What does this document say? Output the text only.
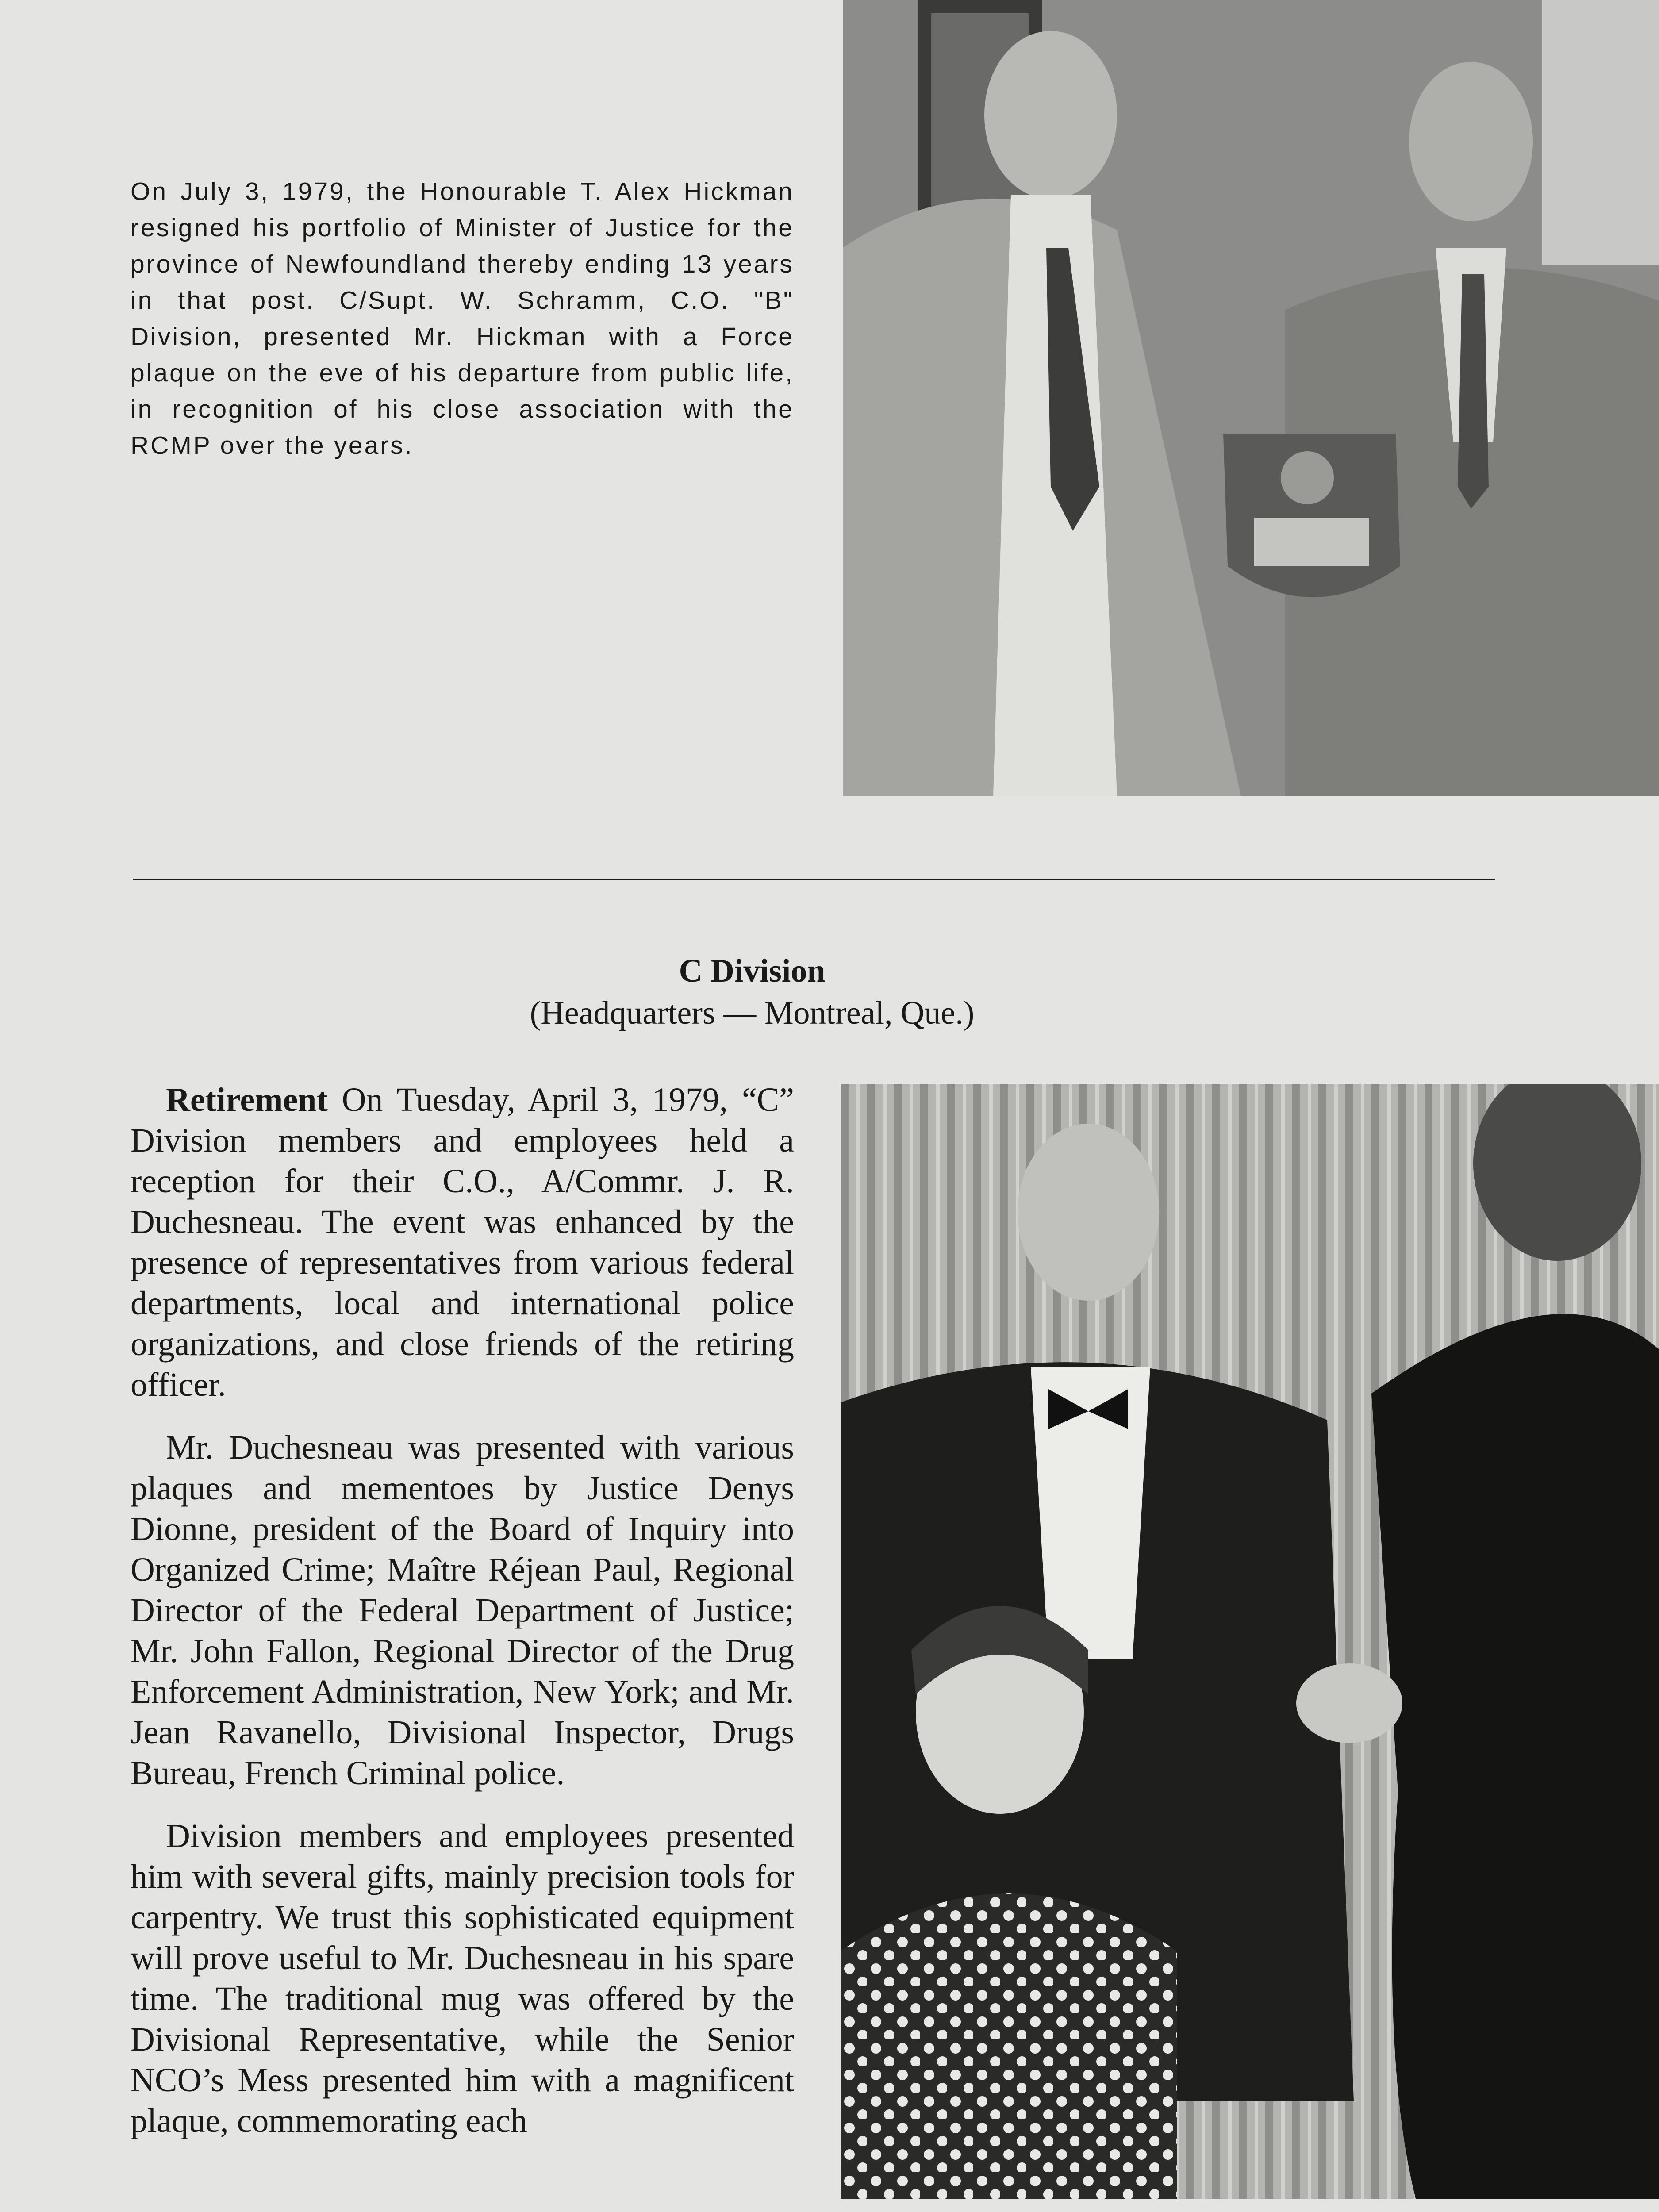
On July 3, 1979, the Honourable T. Alex Hickman resigned his portfolio of Minister of Justice for the province of Newfoundland thereby ending 13 years in that post. C/Supt. W. Schramm, C.O. "B" Division, presented Mr. Hickman with a Force plaque on the eve of his departure from public life, in recognition of his close association with the RCMP over the years.
C Division
(Headquarters — Montreal, Que.)

Retirement On Tuesday, April 3, 1979, “C” Division members and employees held a reception for their C.O., A/Commr. J. R. Duchesneau. The event was enhanced by the presence of representatives from various federal departments, local and international police organizations, and close friends of the retiring officer.

Mr. Duchesneau was presented with various plaques and mementoes by Justice Denys Dionne, president of the Board of Inquiry into Organized Crime; Maître Réjean Paul, Regional Director of the Federal Department of Justice; Mr. John Fallon, Regional Director of the Drug Enforcement Administration, New York; and Mr. Jean Ravanello, Divisional Inspector, Drugs Bureau, French Criminal police.

Division members and employees presented him with several gifts, mainly precision tools for carpentry. We trust this sophisticated equipment will prove useful to Mr. Duchesneau in his spare time. The traditional mug was offered by the Divisional Representative, while the Senior NCO’s Mess presented him with a magnificent plaque, commemorating each
